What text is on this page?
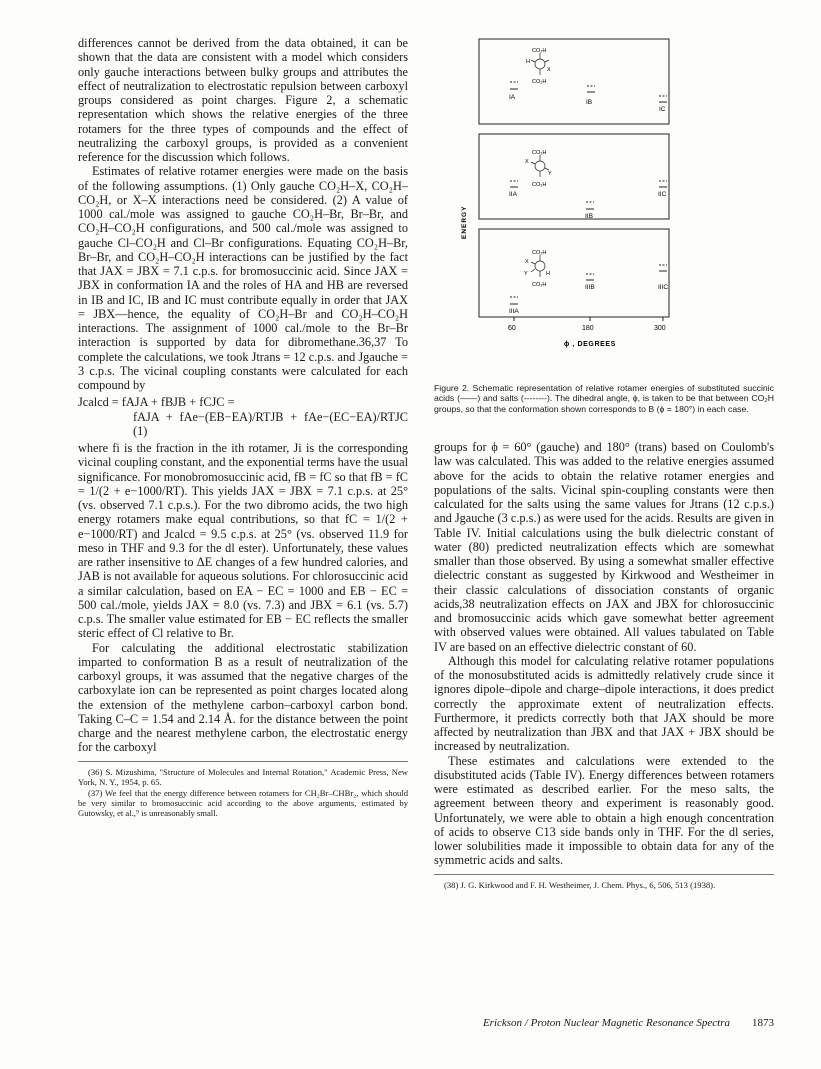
differences cannot be derived from the data obtained, it can be shown that the data are consistent with a model which considers only gauche interactions between bulky groups and attributes the effect of neutralization to electrostatic repulsion between carboxyl groups considered as point charges. Figure 2, a schematic representation which shows the relative energies of the three rotamers for the three types of compounds and the effect of neutralizing the carboxyl groups, is provided as a convenient reference for the discussion which follows.

Estimates of relative rotamer energies were made on the basis of the following assumptions. (1) Only gauche CO₂H–X, CO₂H–CO₂H, or X–X interactions need be considered. (2) A value of 1000 cal./mole was assigned to gauche CO₂H–Br, Br–Br, and CO₂H–CO₂H configurations, and 500 cal./mole was assigned to gauche Cl–CO₂H and Cl–Br configurations. Equating CO₂H–Br, Br–Br, and CO₂H–CO₂H interactions can be justified by the fact that JAX = JBX = 7.1 c.p.s. for bromosuccinic acid. Since JAX = JBX in conformation IA and the roles of HA and HB are reversed in IB and IC, IB and IC must contribute equally in order that JAX = JBX—hence, the equality of CO₂H–Br and CO₂H–CO₂H interactions. The assignment of 1000 cal./mole to the Br–Br interaction is supported by data for dibromethane.36,37 To complete the calculations, we took Jtrans = 12 c.p.s. and Jgauche = 3 c.p.s. The vicinal coupling constants were calculated for each compound by

Jcalcd = fAJA + fBJB + fCJC =
fAJA + fAe−(EB−EA)/RTJB + fAe−(EC−EA)/RTJC (1)

where fi is the fraction in the ith rotamer, Ji is the corresponding vicinal coupling constant, and the exponential terms have the usual significance. For monobromosuccinic acid, fB = fC so that fB = fC = 1/(2 + e−1000/RT). This yields JAX = JBX = 7.1 c.p.s. at 25° (vs. observed 7.1 c.p.s.). For the two dibromo acids, the two high energy rotamers make equal contributions, so that fC = 1/(2 + e−1000/RT) and Jcalcd = 9.5 c.p.s. at 25° (vs. observed 11.9 for meso in THF and 9.3 for the dl ester). Unfortunately, these values are rather insensitive to ΔE changes of a few hundred calories, and JAB is not available for aqueous solutions. For chlorosuccinic acid a similar calculation, based on EA − EC = 1000 and EB − EC = 500 cal./mole, yields JAX = 8.0 (vs. 7.3) and JBX = 6.1 (vs. 5.7) c.p.s. The smaller value estimated for EB − EC reflects the smaller steric effect of Cl relative to Br.

For calculating the additional electrostatic stabilization imparted to conformation B as a result of neutralization of the carboxyl groups, it was assumed that the negative charges of the carboxylate ion can be represented as point charges located along the extension of the methylene carbon–carboxyl carbon bond. Taking C–C = 1.54 and 2.14 Å. for the distance between the point charge and the nearest methylene carbon, the electrostatic energy for the carboxyl

(36) S. Mizushima, "Structure of Molecules and Internal Rotation," Academic Press, New York, N. Y., 1954, p. 65.

(37) We feel that the energy difference between rotamers for CH₂Br–CHBr₂, which should be very similar to bromosuccinic acid according to the above arguments, estimated by Gutowsky, et al.,⁹ is unreasonably small.

ENERGY
IA
IB
IC
CO₂H
H
X
CO₂H
IIA
IIB
IIC
CO₂H
X
Y
CO₂H
IIIA
IIIB	IIIC
CO₂H
X
Y	H
CO₂H
60	180	300
ϕ , DEGREES
Figure 2. Schematic representation of relative rotamer energies of substituted succinic acids (——) and salts (--------). The dihedral angle, ϕ, is taken to be that between CO₂H groups, so that the conformation shown corresponds to B (ϕ = 180°) in each case.

groups for ϕ = 60° (gauche) and 180° (trans) based on Coulomb's law was calculated. This was added to the relative energies assumed above for the acids to obtain the relative rotamer energies and populations of the salts. Vicinal spin-coupling constants were then calculated for the salts using the same values for Jtrans (12 c.p.s.) and Jgauche (3 c.p.s.) as were used for the acids. Results are given in Table IV. Initial calculations using the bulk dielectric constant of water (80) predicted neutralization effects which are somewhat smaller than those observed. By using a somewhat smaller effective dielectric constant as suggested by Kirkwood and Westheimer in their classic calculations of dissociation constants of organic acids,38 neutralization effects on JAX and JBX for chlorosuccinic and bromosuccinic acids which gave somewhat better agreement with observed values were obtained. All values tabulated on Table IV are based on an effective dielectric constant of 60.

Although this model for calculating relative rotamer populations of the monosubstituted acids is admittedly relatively crude since it ignores dipole–dipole and charge–dipole interactions, it does predict correctly the approximate extent of neutralization effects. Furthermore, it predicts correctly both that JAX should be more affected by neutralization than JBX and that JAX + JBX should be increased by neutralization.

These estimates and calculations were extended to the disubstituted acids (Table IV). Energy differences between rotamers were estimated as described earlier. For the meso salts, the agreement between theory and experiment is reasonably good. Unfortunately, we were able to obtain a high enough concentration of acids to observe C13 side bands only in THF. For the dl series, lower solubilities made it impossible to obtain data for any of the symmetric acids and salts.

(38) J. G. Kirkwood and F. H. Westheimer, J. Chem. Phys., 6, 506, 513 (1938).

Erickson / Proton Nuclear Magnetic Resonance Spectra 1873
